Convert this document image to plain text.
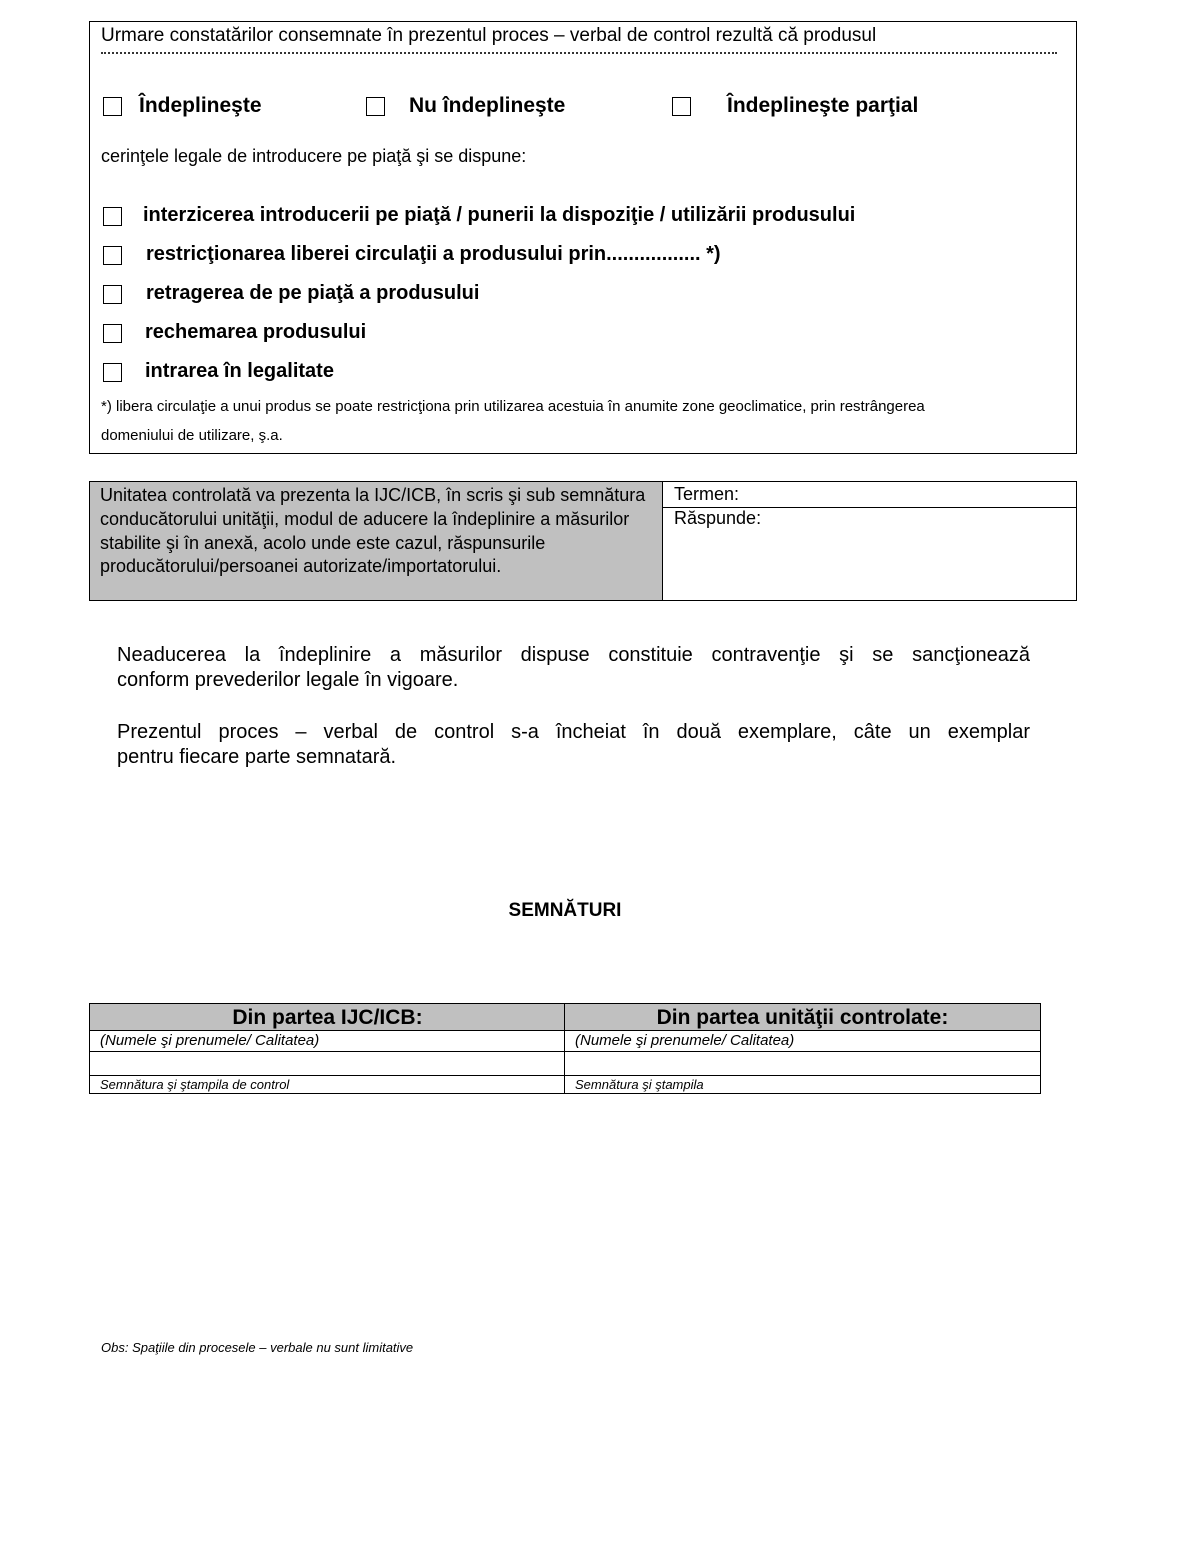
Urmare constatărilor consemnate în prezentul proces – verbal de control rezultă că produsul
Îndeplineşte	Nu îndeplineşte	Îndeplineşte parţial
cerinţele legale de introducere pe piaţă şi se dispune:
interzicerea introducerii pe piaţă / punerii la dispoziţie / utilizării produsului
restricţionarea liberei circulaţii a produsului prin................. *)
retragerea de pe piaţă a produsului
rechemarea produsului
intrarea în legalitate
*) libera circulaţie a unui produs se poate restricţiona prin utilizarea acestuia în anumite zone geoclimatice, prin restrângerea
domeniului de utilizare, ş.a.
Unitatea controlată va prezenta la IJC/ICB, în scris şi sub semnătura conducătorului unităţii, modul de aducere la îndeplinire a măsurilor stabilite şi în anexă, acolo unde este cazul, răspunsurile producătorului/persoanei autorizate/importatorului.
Termen:
Răspunde:
Neaducerea la îndeplinire a măsurilor dispuse constituie contravenţie şi se sancţionează
conform prevederilor legale în vigoare.
Prezentul proces – verbal de control s-a încheiat în două exemplare, câte un exemplar
pentru fiecare parte semnatară.
SEMNĂTURI
Din partea IJC/ICB:	Din partea unităţii controlate:
(Numele şi prenumele/ Calitatea)	(Numele şi prenumele/ Calitatea)
Semnătura şi ştampila de control	Semnătura şi ştampila
Obs: Spaţiile din procesele – verbale nu sunt limitative
